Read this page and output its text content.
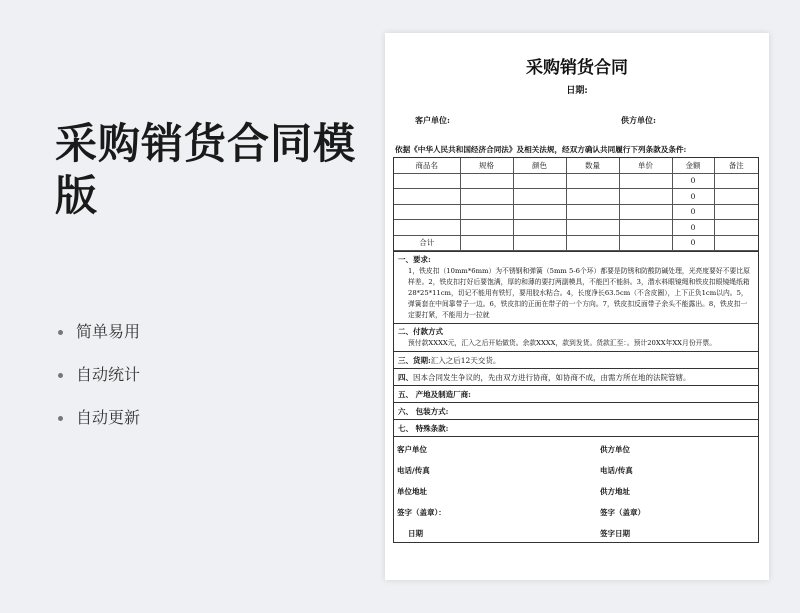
采购销货合同模版
简单易用
自动统计
自动更新
采购销货合同
日期:
客户单位:	供方单位:
依据《中华人民共和国经济合同法》及相关法规，经双方确认共同履行下列条款及条件:
商品名	规格	颜色	数量	单价	金额	备注
					0	
					0	
					0	
					0	
合计					0	
一、要求:
1，铁皮扣（10mm*6mm）为不锈钢和弹簧（5mm 5-6个环）都要是防锈和防酸防碱处理，光亮度要好不要比原样差。2，铁皮扣打好后要饱满，厚的和薄的要打两副模具，不能凹不能斜。3，潜水料眼镜绳和铁皮扣眼镜绳纸箱28*25*11cm，切记不能用有铁钉，要用胶水粘合。4，长度净长63.5cm（不含皮圈），上下正负1cm以内。5，弹簧套在中间靠带子一边。6，铁皮扣的正面在带子的一个方向。7，铁皮扣反面带子余头不能露出。8，铁皮扣一定要打紧，不能用力一拉就
二、付款方式
预付款XXXX元，汇入之后开始做货。余款XXXX，款到发货。货款汇至：。预计20XX年XX月份开票。
三、货期:汇入之后12天交货。
四、因本合同发生争议的，先由双方进行协商，如协商不成，由需方所在地的法院管辖。
五、 产地及制造厂商:
六、 包装方式:
七、 特殊条款:
客户单位	供方单位
电话/传真	电话/传真
单位地址	供方地址
签字（盖章）：	签字（盖章）
日期	签字日期
